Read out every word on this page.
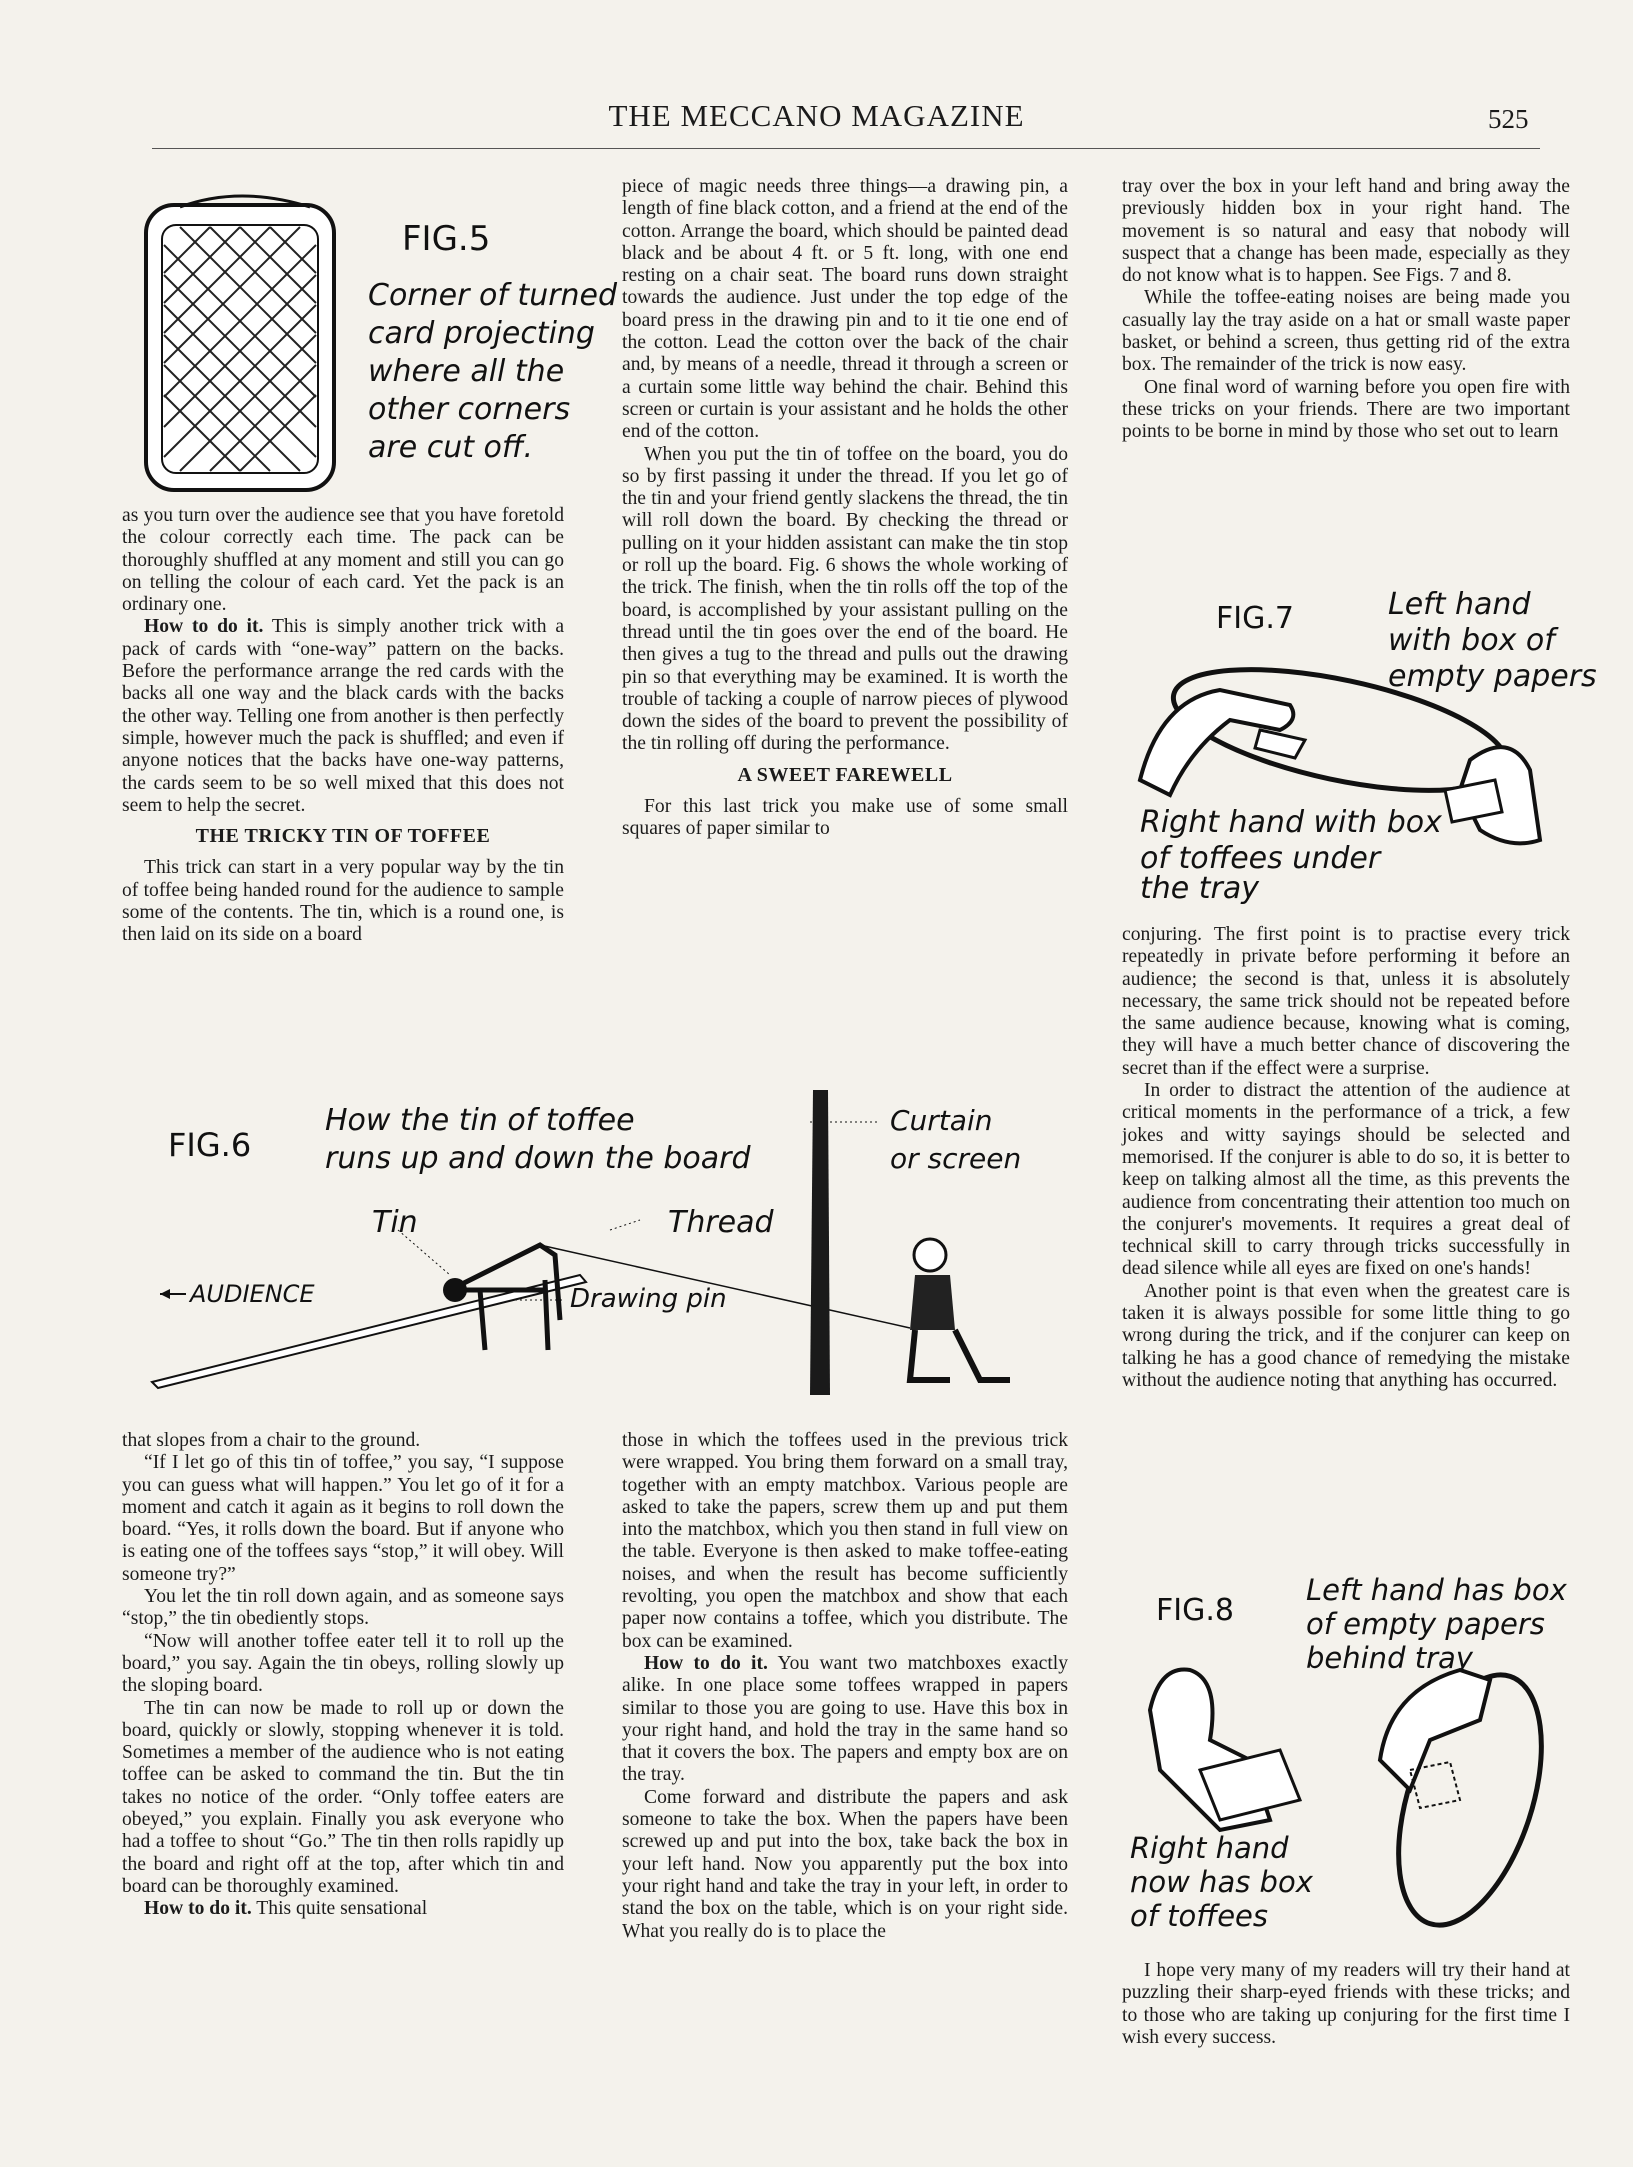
THE MECCANO MAGAZINE	525
FIG.5
Corner of turned
card projecting
where all the
other corners
are cut off.

as you turn over the audience see that you have foretold the colour correctly each time. The pack can be thoroughly shuffled at any moment and still you can go on telling the colour of each card. Yet the pack is an ordinary one.

How to do it. This is simply another trick with a pack of cards with “one-way” pattern on the backs. Before the performance arrange the red cards with the backs all one way and the black cards with the backs the other way. Telling one from another is then perfectly simple, however much the pack is shuffled; and even if anyone notices that the backs have one-way patterns, the cards seem to be so well mixed that this does not seem to help the secret.

THE TRICKY TIN OF TOFFEE

This trick can start in a very popular way by the tin of toffee being handed round for the audience to sample some of the contents. The tin, which is a round one, is then laid on its side on a board

piece of magic needs three things—a drawing pin, a length of fine black cotton, and a friend at the end of the cotton. Arrange the board, which should be painted dead black and be about 4 ft. or 5 ft. long, with one end resting on a chair seat. The board runs down straight towards the audience. Just under the top edge of the board press in the drawing pin and to it tie one end of the cotton. Lead the cotton over the back of the chair and, by means of a needle, thread it through a screen or a curtain some little way behind the chair. Behind this screen or curtain is your assistant and he holds the other end of the cotton.

When you put the tin of toffee on the board, you do so by first passing it under the thread. If you let go of the tin and your friend gently slackens the thread, the tin will roll down the board. By checking the thread or pulling on it your hidden assistant can make the tin stop or roll up the board. Fig. 6 shows the whole working of the trick. The finish, when the tin rolls off the top of the board, is accomplished by your assistant pulling on the thread until the tin goes over the end of the board. He then gives a tug to the thread and pulls out the drawing pin so that everything may be examined. It is worth the trouble of tacking a couple of narrow pieces of plywood down the sides of the board to prevent the possibility of the tin rolling off during the performance.

A SWEET FAREWELL

For this last trick you make use of some small squares of paper similar to

tray over the box in your left hand and bring away the previously hidden box in your right hand. The movement is so natural and easy that nobody will suspect that a change has been made, especially as they do not know what is to happen. See Figs. 7 and 8.

While the toffee-eating noises are being made you casually lay the tray aside on a hat or small waste paper basket, or behind a screen, thus getting rid of the extra box. The remainder of the trick is now easy.

One final word of warning before you open fire with these tricks on your friends. There are two important points to be borne in mind by those who set out to learn

FIG.7	Left hand
with box of
empty papers
Right hand with box
of toffees under
the tray

conjuring. The first point is to practise every trick repeatedly in private before performing it before an audience; the second is that, unless it is absolutely necessary, the same trick should not be repeated before the same audience because, knowing what is coming, they will have a much better chance of discovering the secret than if the effect were a surprise.

In order to distract the attention of the audience at critical moments in the performance of a trick, a few jokes and witty sayings should be selected and memorised. If the conjurer is able to do so, it is better to keep on talking almost all the time, as this prevents the audience from concentrating their attention too much on the conjurer's movements. It requires a great deal of technical skill to carry through tricks successfully in dead silence while all eyes are fixed on one's hands!

Another point is that even when the greatest care is taken it is always possible for some little thing to go wrong during the trick, and if the conjurer can keep on talking he has a good chance of remedying the mistake without the audience noting that anything has occurred.

FIG.6
How the tin of toffee
runs up and down the board
Curtain
or screen
Tin	Thread
Drawing pin
AUDIENCE

that slopes from a chair to the ground.

“If I let go of this tin of toffee,” you say, “I suppose you can guess what will happen.” You let go of it for a moment and catch it again as it begins to roll down the board. “Yes, it rolls down the board. But if anyone who is eating one of the toffees says “stop,” it will obey. Will someone try?”

You let the tin roll down again, and as someone says “stop,” the tin obediently stops.

“Now will another toffee eater tell it to roll up the board,” you say. Again the tin obeys, rolling slowly up the sloping board.

The tin can now be made to roll up or down the board, quickly or slowly, stopping whenever it is told. Sometimes a member of the audience who is not eating toffee can be asked to command the tin. But the tin takes no notice of the order. “Only toffee eaters are obeyed,” you explain. Finally you ask everyone who had a toffee to shout “Go.” The tin then rolls rapidly up the board and right off at the top, after which tin and board can be thoroughly examined.

How to do it. This quite sensational

those in which the toffees used in the previous trick were wrapped. You bring them forward on a small tray, together with an empty matchbox. Various people are asked to take the papers, screw them up and put them into the matchbox, which you then stand in full view on the table. Everyone is then asked to make toffee-eating noises, and when the result has become sufficiently revolting, you open the matchbox and show that each paper now contains a toffee, which you distribute. The box can be examined.

How to do it. You want two matchboxes exactly alike. In one place some toffees wrapped in papers similar to those you are going to use. Have this box in your right hand, and hold the tray in the same hand so that it covers the box. The papers and empty box are on the tray.

Come forward and distribute the papers and ask someone to take the box. When the papers have been screwed up and put into the box, take back the box in your left hand. Now you apparently put the box into your right hand and take the tray in your left, in order to stand the box on the table, which is on your right side. What you really do is to place the

FIG.8
Left hand has box
of empty papers
behind tray
Right hand
now has box
of toffees

I hope very many of my readers will try their hand at puzzling their sharp-eyed friends with these tricks; and to those who are taking up conjuring for the first time I wish every success.
